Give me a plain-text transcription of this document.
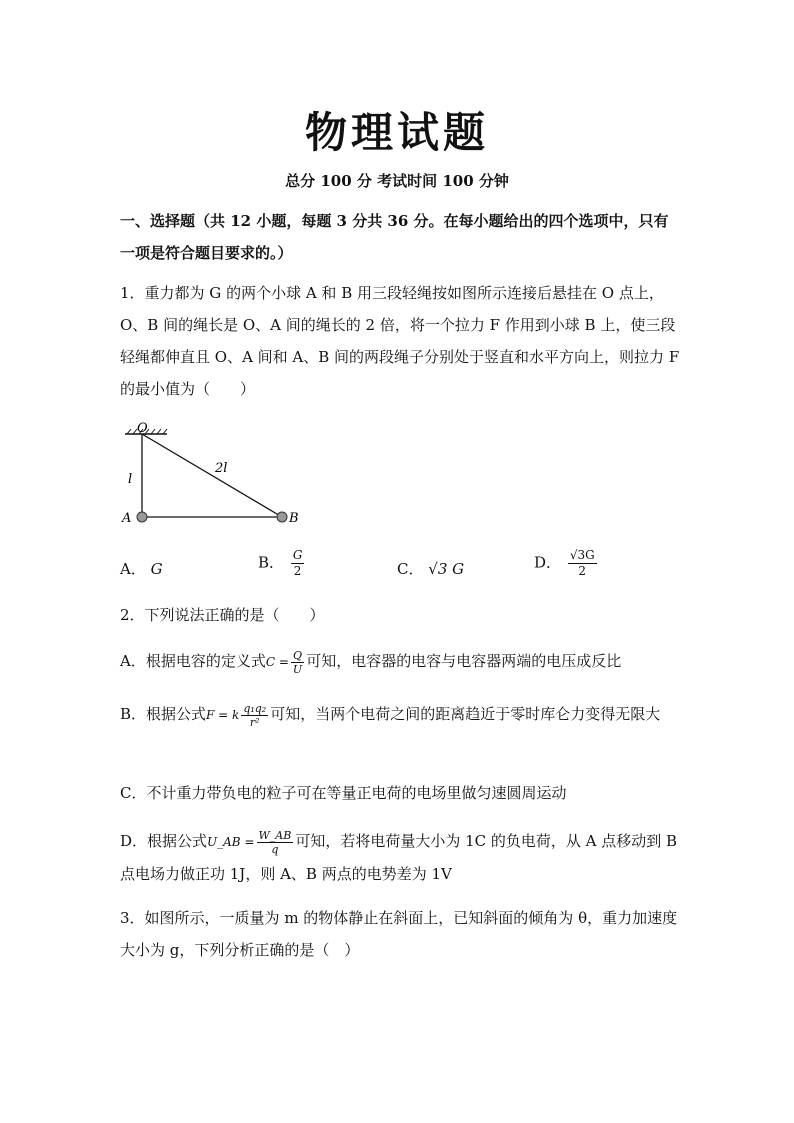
物理试题
总分 100 分 考试时间 100 分钟
一、选择题（共 12 小题，每题 3 分共 36 分。在每小题给出的四个选项中，只有一项是符合题目要求的。）
1．重力都为 G 的两个小球 A 和 B 用三段轻绳按如图所示连接后悬挂在 O 点上，O、B 间的绳长是 O、A 间的绳长的 2 倍，将一个拉力 F 作用到小球 B 上，使三段轻绳都伸直且 O、A 间和 A、B 间的两段绳子分别处于竖直和水平方向上，则拉力 F 的最小值为（　　）
O
A	B
l
2l
A． G	B． $\frac{G}{2}$	C． √3 G	D． $\frac{√3G}{2}$
2．下列说法正确的是（　　）
A．根据电容的定义式$C = \frac{Q}{U}$ 可知，电容器的电容与电容器两端的电压成反比
B．根据公式F = k $\frac{\text{q₁q₂}}{\text{r²}}$ 可知，当两个电荷之间的距离趋近于零时库仑力变得无限大
C．不计重力带负电的粒子可在等量正电荷的电场里做匀速圆周运动
D．根据公式U_AB = $\frac{W\_AB}{q}$ 可知，若将电荷量大小为 1C 的负电荷，从 A 点移动到 B 点电场力做正功 1J，则 A、B 两点的电势差为 1V
3．如图所示，一质量为 m 的物体静止在斜面上，已知斜面的倾角为 θ，重力加速度大小为 g，下列分析正确的是（　）
